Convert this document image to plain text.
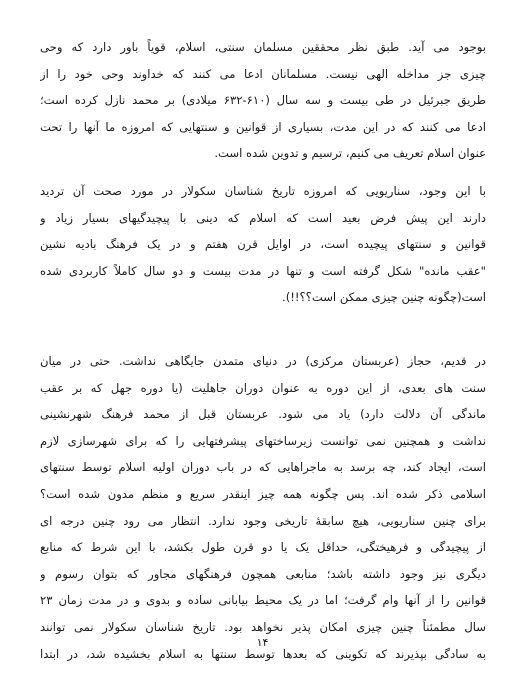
بوجود می آید. طبق نظر محققین مسلمان سنتی، اسلام، قویاً باور دارد که وحی
چیزی جز مداخله الهی نیست. مسلمانان ادعا می کنند که خداوند وحی خود را از
طریق جبرئیل در طی بیست و سه سال (۶۱۰-۶۳۲ میلادی) بر محمد نازل کرده است؛
ادعا می کنند که در این مدت، بسیاری از قوانین و سنتهایی که امروزه ما آنها را تحت
عنوان اسلام تعریف می کنیم، ترسیم و تدوین شده است.
با این وجود، سناریویی که امروزه تاریخ شناسان سکولار در مورد صحت آن تردید
دارند این پیش فرض بعید است که اسلام که دینی با پیچیدگیهای بسیار زیاد و
قوانین و سنتهای پیچیده است، در اوایل قرن هفتم و در یک فرهنگ بادیه نشین
"عقب مانده" شکل گرفته است و تنها در مدت بیست و دو سال کاملاً کاربردی شده
است(چگونه چنین چیزی ممکن است؟؟!!).
در قدیم، حجاز (عربستان مرکزی) در دنیای متمدن جایگاهی نداشت. حتی در میان
سنت های بعدی، از این دوره به عنوان دوران جاهلیت (یا دوره جهل که بر عقب
ماندگی آن دلالت دارد) یاد می شود. عربستان قبل از محمد فرهنگ شهرنشینی
نداشت و همچنین نمی توانست زیرساختهای پیشرفتهایی را که برای شهرسازی لازم
است، ایجاد کند، چه برسد به ماجراهایی که در باب دوران اولیه اسلام توسط سنتهای
اسلامی ذکر شده اند. پس چگونه همه چیز اینقدر سریع و منظم مدون شده است؟
برای چنین سناریویی، هیچ سابقهٔ تاریخی وجود ندارد. انتظار می رود چنین درجه ای
از پیچیدگی و فرهیختگی، حداقل یک یا دو قرن طول بکشد، با این شرط که منابع
دیگری نیز وجود داشته باشد؛ منابعی همچون فرهنگهای مجاور که بتوان رسوم و
قوانین را از آنها وام گرفت؛ اما در یک محیط بیابانی ساده و بدوی و در مدت زمان ۲۳
سال مطمئناً چنین چیزی امکان پذیر نخواهد بود. تاریخ شناسان سکولار نمی توانند
به سادگی بپذیرند که تکوینی که بعدها توسط سنتها به اسلام بخشیده شد، در ابتدا
۱۴
